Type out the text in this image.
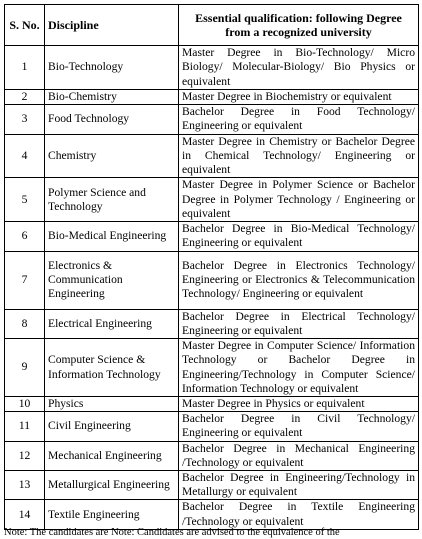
S. No.	Discipline	Essential qualification: following Degree from a recognized university
1	Bio-Technology	Master Degree in Bio-Technology/ Micro Biology/ Molecular-Biology/ Bio Physics or equivalent
2	Bio-Chemistry	Master Degree in Biochemistry or equivalent
3	Food Technology	Bachelor Degree in Food Technology/ Engineering or equivalent
4	Chemistry	Master Degree in Chemistry or Bachelor Degree in Chemical Technology/ Engineering or equivalent
5	Polymer Science and Technology	Master Degree in Polymer Science or Bachelor Degree in Polymer Technology / Engineering or equivalent
6	Bio-Medical Engineering	Bachelor Degree in Bio-Medical Technology/ Engineering or equivalent
7	Electronics & Communication Engineering	Bachelor Degree in Electronics Technology/ Engineering or Electronics & Telecommunication Technology/ Engineering or equivalent
8	Electrical Engineering	Bachelor Degree in Electrical Technology/ Engineering or equivalent
9	Computer Science & Information Technology	Master Degree in Computer Science/ Information Technology or Bachelor Degree in Engineering/Technology in Computer Science/ Information Technology or equivalent
10	Physics	Master Degree in Physics or equivalent
11	Civil Engineering	Bachelor Degree in Civil Technology/ Engineering or equivalent
12	Mechanical Engineering	Bachelor Degree in Mechanical Engineering /Technology or equivalent
13	Metallurgical Engineering	Bachelor Degree in Engineering/Technology in Metallurgy or equivalent
14	Textile Engineering	Bachelor Degree in Textile Engineering /Technology or equivalent
Note: The candidates are Note: Candidates are advised to the equivalence of the
